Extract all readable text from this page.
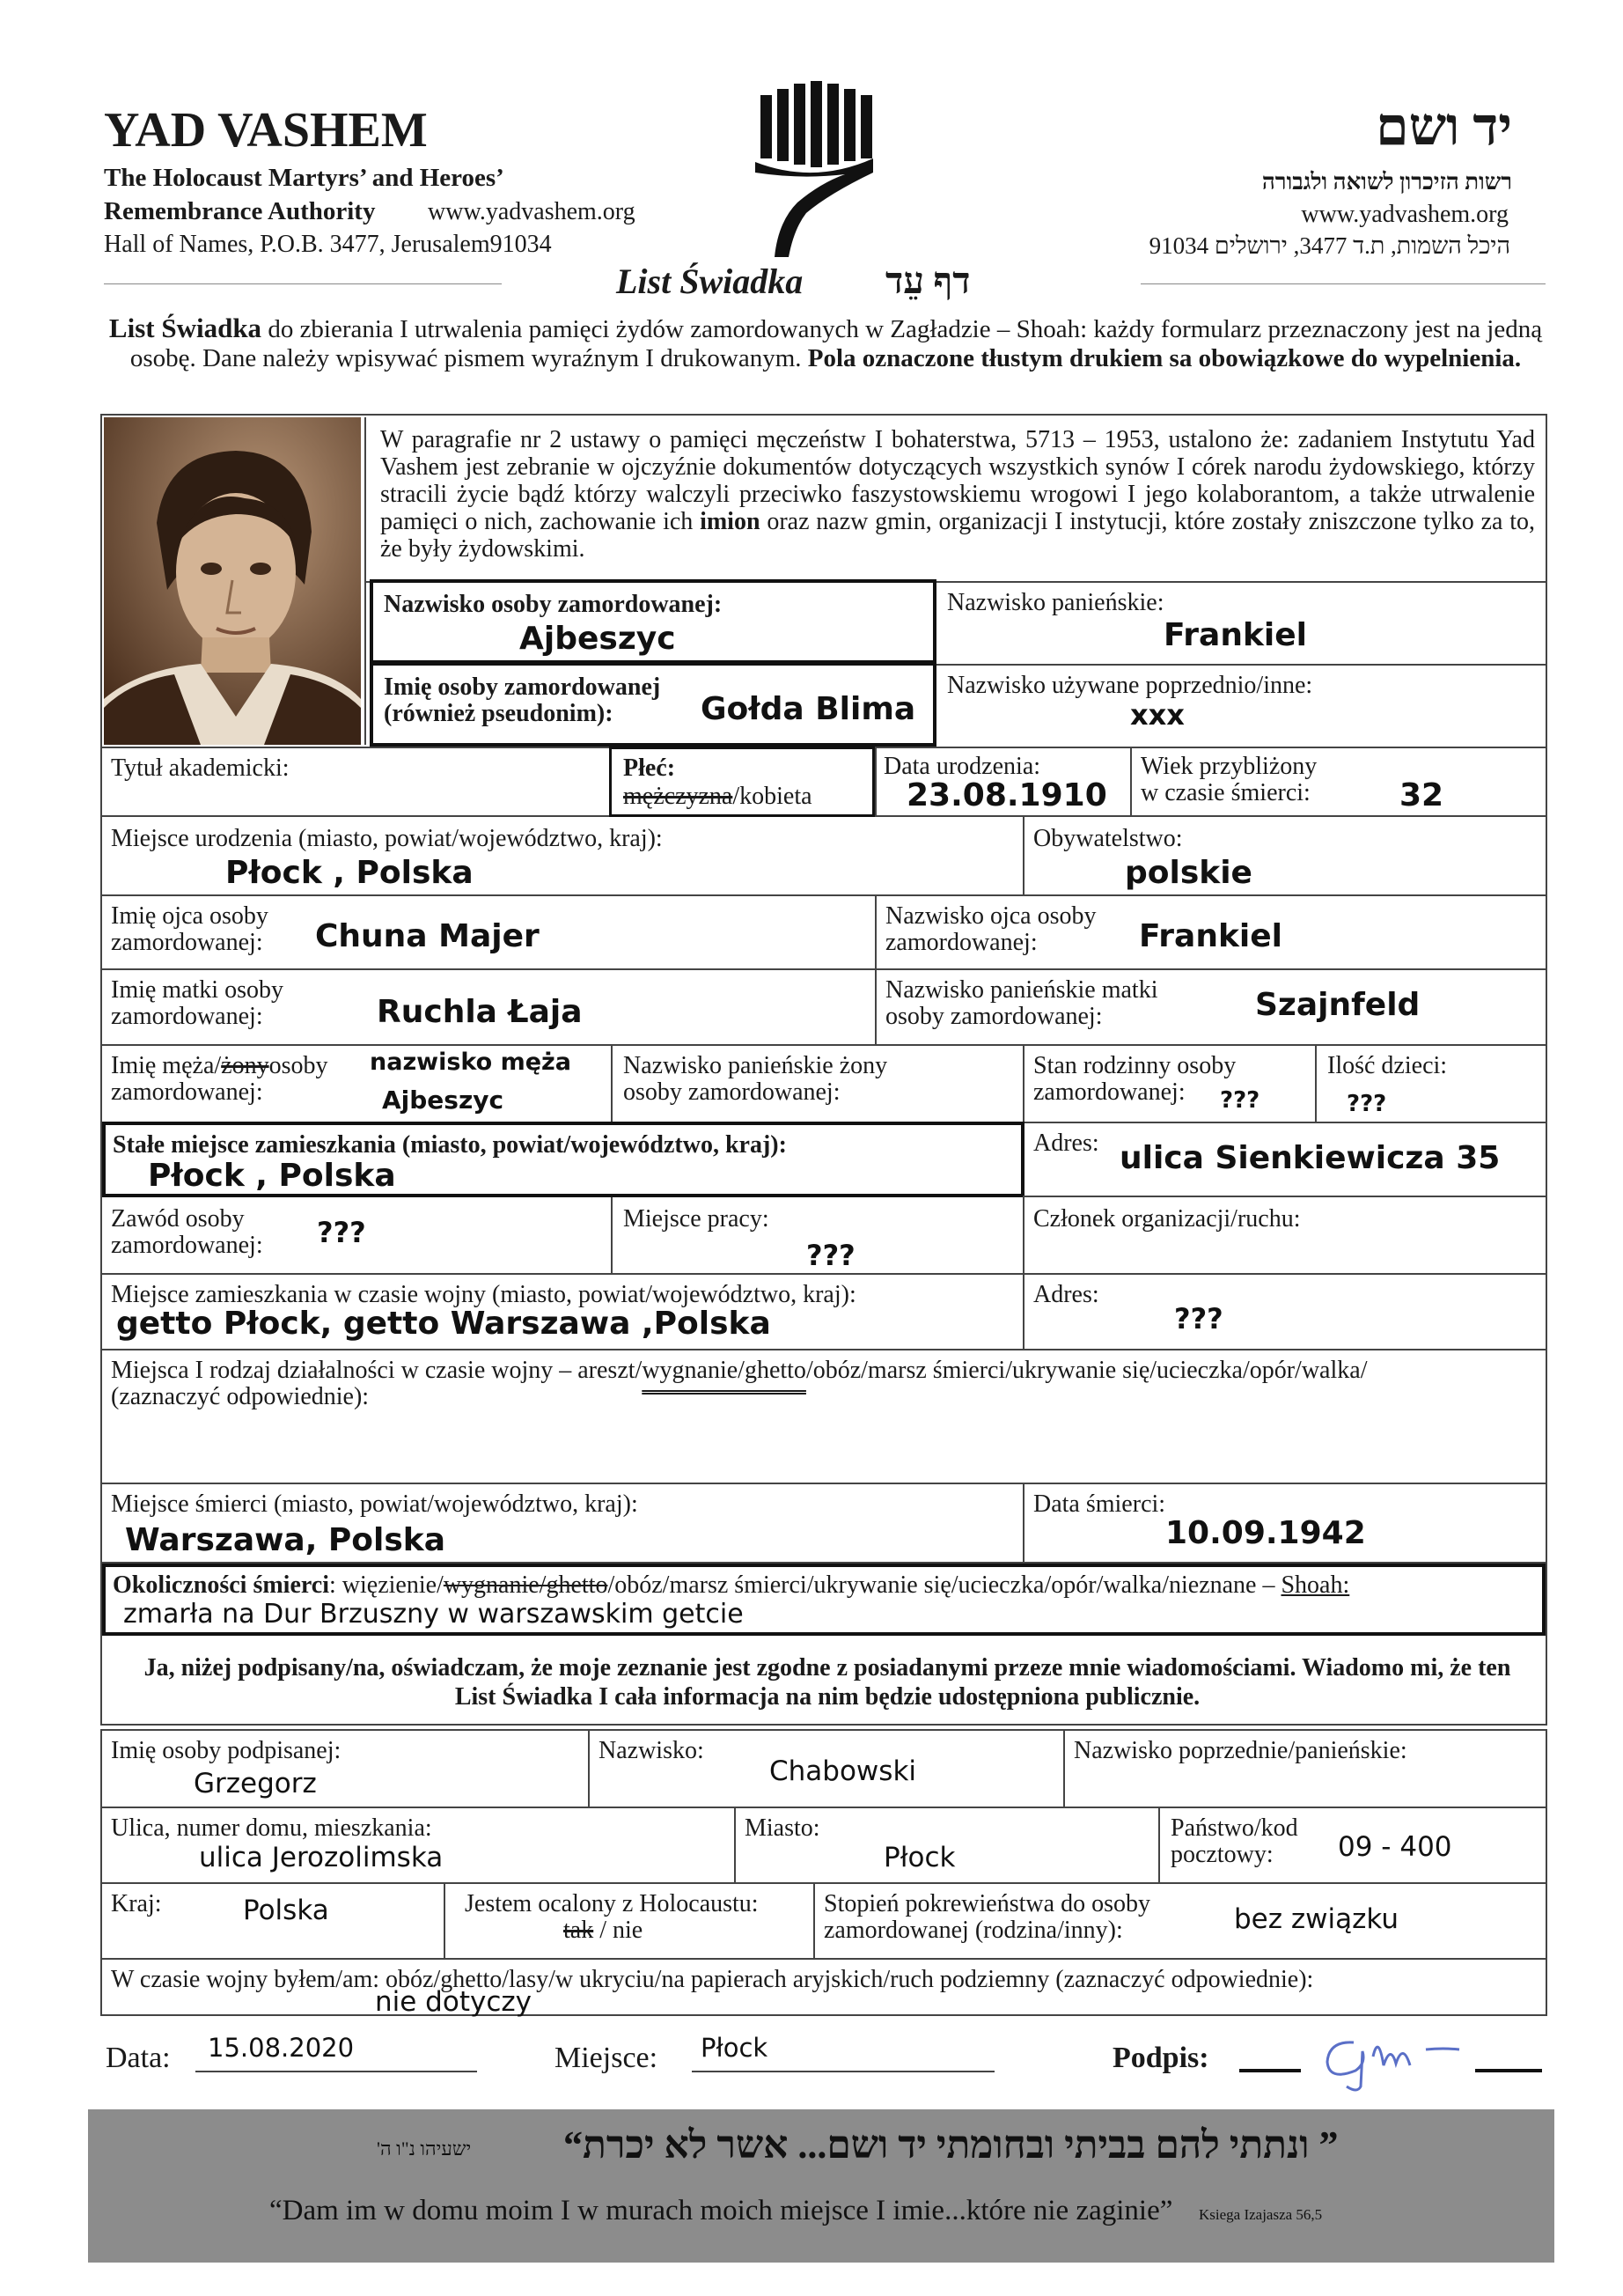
YAD VASHEM
The Holocaust Martyrs’ and Heroes’
Remembrance Authority www.yadvashem.org
Hall of Names, P.O.B. 3477, Jerusalem91034
יד ושם
רשות הזיכרון לשואה ולגבורה
www.yadvashem.org
היכל השמות, ת.ד 3477, ירושלים 91034
List Świadka דף עֵד
List Świadka do zbierania I utrwalenia pamięci żydów zamordowanych w Zagładzie – Shoah: każdy formularz przeznaczony jest na jedną osobę. Dane należy wpisywać pismem wyraźnym I drukowanym. Pola oznaczone tłustym drukiem sa obowiązkowe do wypelnienia.
W paragrafie nr 2 ustawy o pamięci męczeństw I bohaterstwa, 5713 – 1953, ustalono że: zadaniem Instytutu Yad Vashem jest zebranie w ojczyźnie dokumentów dotyczących wszystkich synów I córek narodu żydowskiego, którzy stracili życie bądź którzy walczyli przeciwko faszystowskiemu wrogowi I jego kolaborantom, a także utrwalenie pamięci o nich, zachowanie ich imion oraz nazw gmin, organizacji I instytucji, które zostały zniszczone tylko za to, że były żydowskimi.
Nazwisko osoby zamordowanej:
Ajbeszyc
Nazwisko panieńskie:
Frankiel
Imię osoby zamordowanej
(również pseudonim):	Gołda Blima
Nazwisko używane poprzednio/inne:
xxx
Tytuł akademicki:	Płeć:
mężczyzna/kobieta
Data urodzenia:
23.08.1910
Wiek przybliżony
w czasie śmierci:	32
Miejsce urodzenia (miasto, powiat/województwo, kraj):
Płock , Polska
Obywatelstwo:
polskie
Imię ojca osoby
zamordowanej: Chuna Majer
Nazwisko ojca osoby
zamordowanej:	Frankiel
Imię matki osoby
zamordowanej:	Ruchla Łaja
Nazwisko panieńskie matki
osoby zamordowanej:	Szajnfeld
Imię męża/żonyosoby
zamordowanej:
nazwisko męża
Ajbeszyc
Nazwisko panieńskie żony
osoby zamordowanej:
Stan rodzinny osoby
zamordowanej:	???
Ilość dzieci:
???
Stałe miejsce zamieszkania (miasto, powiat/województwo, kraj):
Płock , Polska
Adres: ulica Sienkiewicza 35
Zawód osoby
zamordowanej: ???	Miejsce pracy:
???
Członek organizacji/ruchu:
Miejsce zamieszkania w czasie wojny (miasto, powiat/województwo, kraj):
getto Płock, getto Warszawa ,Polska
Adres:
???
Miejsca I rodzaj działalności w czasie wojny – areszt/wygnanie/ghetto/obóz/marsz śmierci/ukrywanie się/ucieczka/opór/walka/
(zaznaczyć odpowiednie):
Miejsce śmierci (miasto, powiat/województwo, kraj):
Warszawa, Polska
Data śmierci:
10.09.1942
Okoliczności śmierci: więzienie/wygnanie/ghetto/obóz/marsz śmierci/ukrywanie się/ucieczka/opór/walka/nieznane – Shoah:
zmarła na Dur Brzuszny w warszawskim getcie
Ja, niżej podpisany/na, oświadczam, że moje zeznanie jest zgodne z posiadanymi przeze mnie wiadomościami. Wiadomo mi, że ten List Świadka I cała informacja na nim będzie udostępniona publicznie.
Imię osoby podpisanej:
Grzegorz
Nazwisko:
Chabowski
Nazwisko poprzednie/panieńskie:
Ulica, numer domu, mieszkania:
ulica Jerozolimska
Miasto:
Płock
Państwo/kod
pocztowy:	09 - 400
Kraj:	Polska	Jestem ocalony z Holocaustu:
tak / nie
Stopień pokrewieństwa do osoby
zamordowanej (rodzina/inny):	bez związku
W czasie wojny byłem/am: obóz/ghetto/lasy/w ukryciu/na papierach aryjskich/ruch podziemny (zaznaczyć odpowiednie):
nie dotyczy
Data: 15.08.2020	Miejsce: Płock	Podpis:
” ונתתי להם בביתי ובחומתי יד ושם... אשר לא יכרת“
ישעיהו נ"ו ה'
“Dam im w domu moim I w murach moich miejsce I imie...które nie zaginie” Ksiega Izajasza 56,5
